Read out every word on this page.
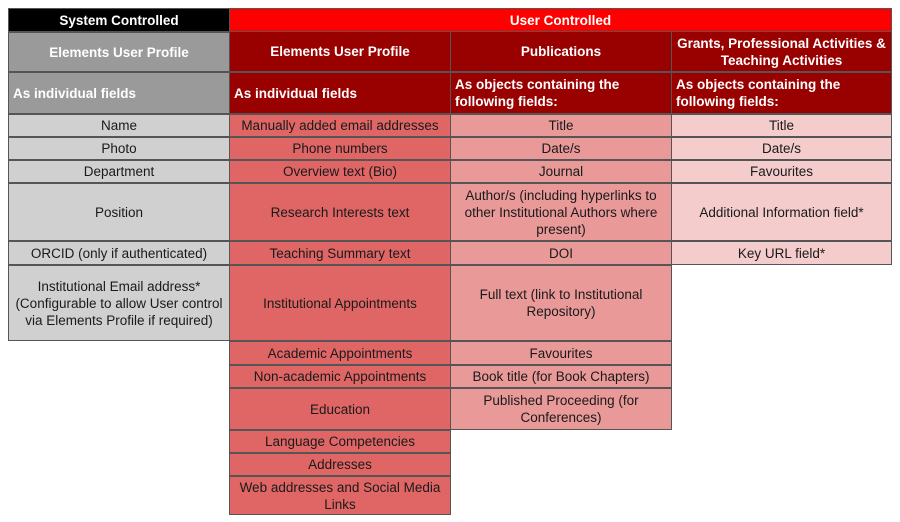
System Controlled
Elements User Profile
As individual fields
Name
Photo
Department
Position
ORCID (only if authenticated)
Institutional Email address* (Configurable to allow User control via Elements Profile if required)
User Controlled
Elements User Profile
As individual fields
Manually added email addresses
Phone numbers
Overview text (Bio)
Research Interests text
Teaching Summary text
Institutional Appointments
Academic Appointments
Non-academic Appointments
Education
Language Competencies
Addresses
Web addresses and Social Media Links
Publications
As objects containing the following fields:
Title
Date/s
Journal
Author/s (including hyperlinks to other Institutional Authors where present)
DOI
Full text (link to Institutional Repository)
Favourites
Book title (for Book Chapters)
Published Proceeding (for Conferences)
Grants, Professional Activities & Teaching Activities
As objects containing the following fields:
Title
Date/s
Favourites
Additional Information field*
Key URL field*
